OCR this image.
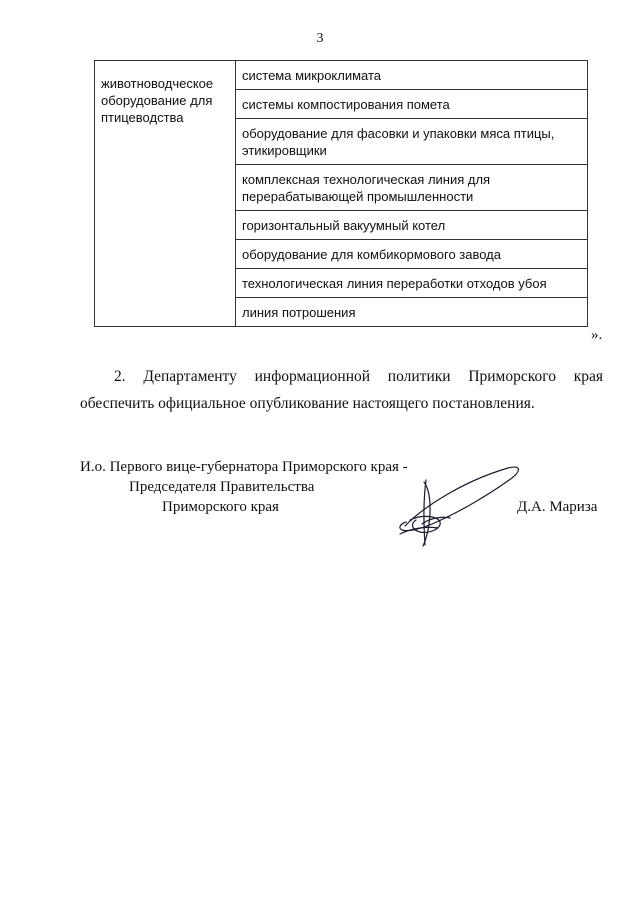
3
животноводческое оборудование для птицеводства	система микроклимата
системы компостирования помета
оборудование для фасовки и упаковки мяса птицы, этикировщики
комплексная технологическая линия для перерабатывающей промышленности
горизонтальный вакуумный котел
оборудование для комбикормового завода
технологическая линия переработки отходов убоя
линия потрошения
».
2. Департаменту информационной политики Приморского края
обеспечить официальное опубликование настоящего постановления.
И.о. Первого вице-губернатора Приморского края -
Председателя Правительства
Приморского края	Д.А. Мариза
